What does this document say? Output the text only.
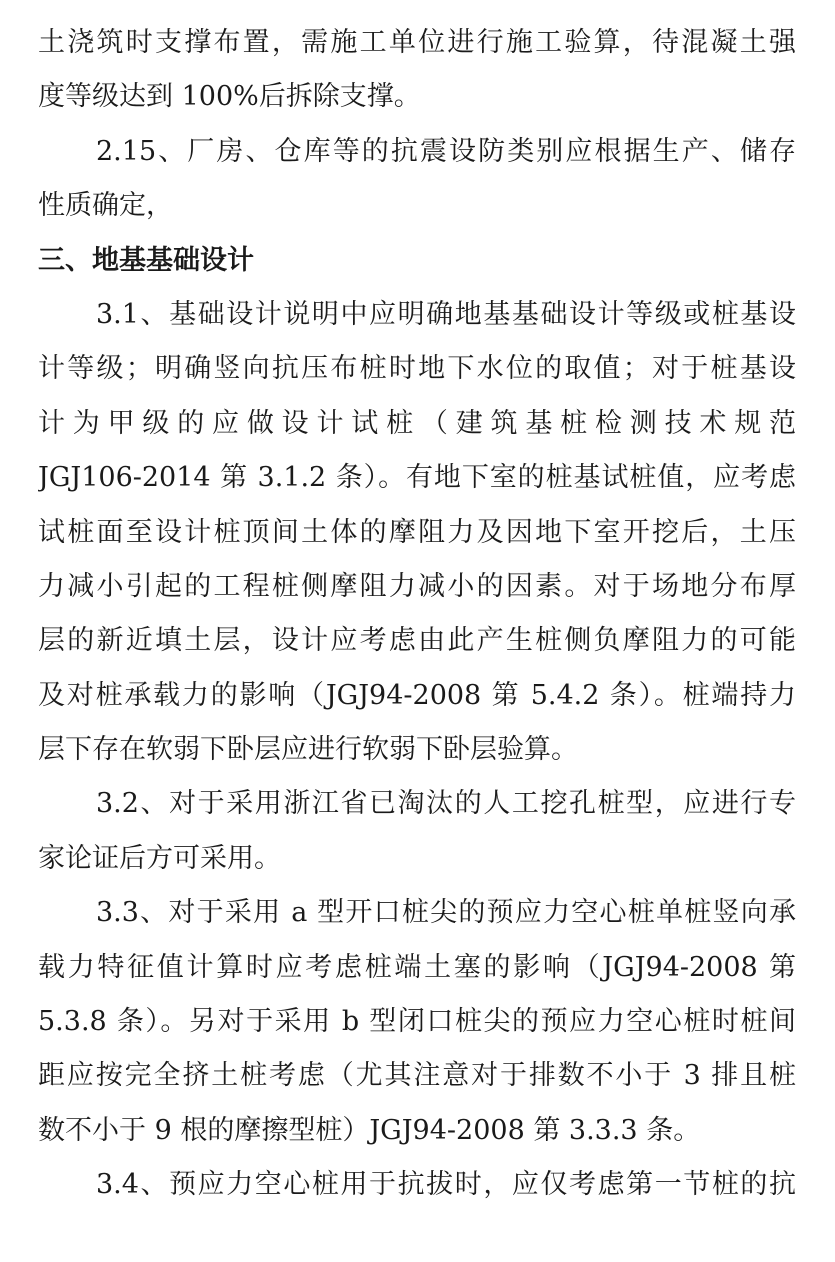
土浇筑时支撑布置，需施工单位进行施工验算，待混凝土强
度等级达到 100%后拆除支撑。
2.15、厂房、仓库等的抗震设防类别应根据生产、储存
性质确定，
三、地基基础设计
3.1、基础设计说明中应明确地基基础设计等级或桩基设
计等级；明确竖向抗压布桩时地下水位的取值；对于桩基设
计为甲级的应做设计试桩（建筑基桩检测技术规范
JGJ106-2014 第 3.1.2 条）。有地下室的桩基试桩值，应考虑
试桩面至设计桩顶间土体的摩阻力及因地下室开挖后，土压
力减小引起的工程桩侧摩阻力减小的因素。对于场地分布厚
层的新近填土层，设计应考虑由此产生桩侧负摩阻力的可能
及对桩承载力的影响（JGJ94-2008 第 5.4.2 条）。桩端持力
层下存在软弱下卧层应进行软弱下卧层验算。
3.2、对于采用浙江省已淘汰的人工挖孔桩型，应进行专
家论证后方可采用。
3.3、对于采用 a 型开口桩尖的预应力空心桩单桩竖向承
载力特征值计算时应考虑桩端土塞的影响（JGJ94-2008 第
5.3.8 条）。另对于采用 b 型闭口桩尖的预应力空心桩时桩间
距应按完全挤土桩考虑（尤其注意对于排数不小于 3 排且桩
数不小于 9 根的摩擦型桩）JGJ94-2008 第 3.3.3 条。
3.4、预应力空心桩用于抗拔时，应仅考虑第一节桩的抗
